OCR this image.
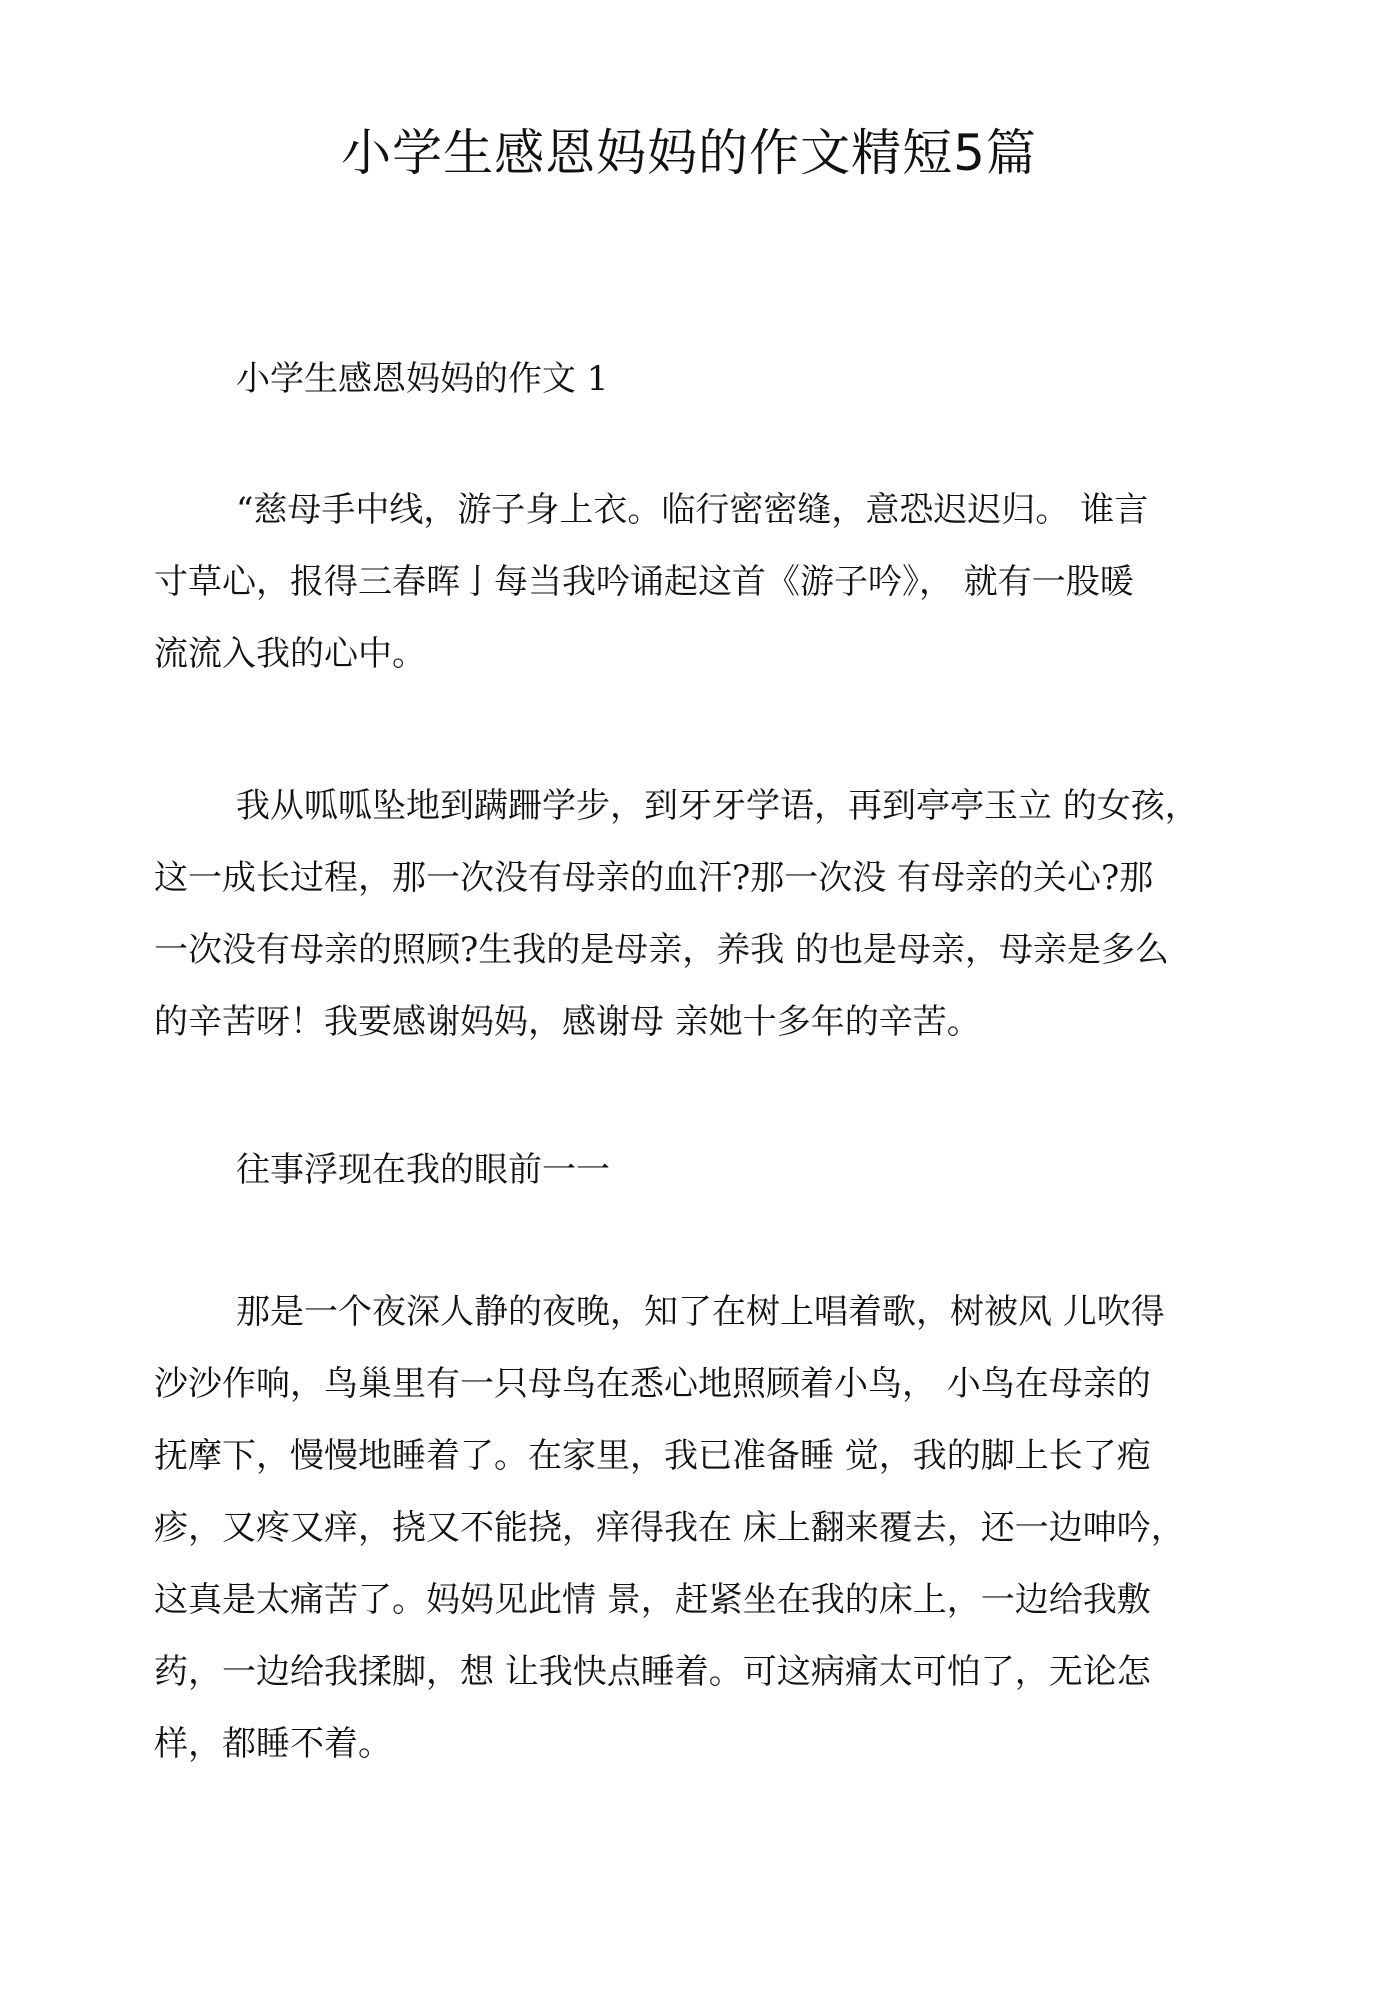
小学生感恩妈妈的作文精短5篇

小学生感恩妈妈的作文 1

“慈母手中线，游子身上衣。临行密密缝，意恐迟迟归。 谁言
寸草心，报得三春晖亅每当我吟诵起这首《游子吟》， 就有一股暖
流流入我的心中。
我从呱呱坠地到蹒跚学步，到牙牙学语，再到亭亭玉立 的女孩，
这一成长过程，那一次没有母亲的血汗?那一次没 有母亲的关心?那
一次没有母亲的照顾?生我的是母亲，养我 的也是母亲，母亲是多么
的辛苦呀！我要感谢妈妈，感谢母 亲她十多年的辛苦。
往事浮现在我的眼前一一
那是一个夜深人静的夜晚，知了在树上唱着歌，树被风 儿吹得
沙沙作响，鸟巢里有一只母鸟在悉心地照顾着小鸟， 小鸟在母亲的
抚摩下，慢慢地睡着了。在家里，我已准备睡 觉，我的脚上长了疱
疹，又疼又痒，挠又不能挠，痒得我在 床上翻来覆去，还一边呻吟，
这真是太痛苦了。妈妈见此情 景，赶紧坐在我的床上，一边给我敷
药，一边给我揉脚，想 让我快点睡着。可这病痛太可怕了，无论怎
样，都睡不着。
